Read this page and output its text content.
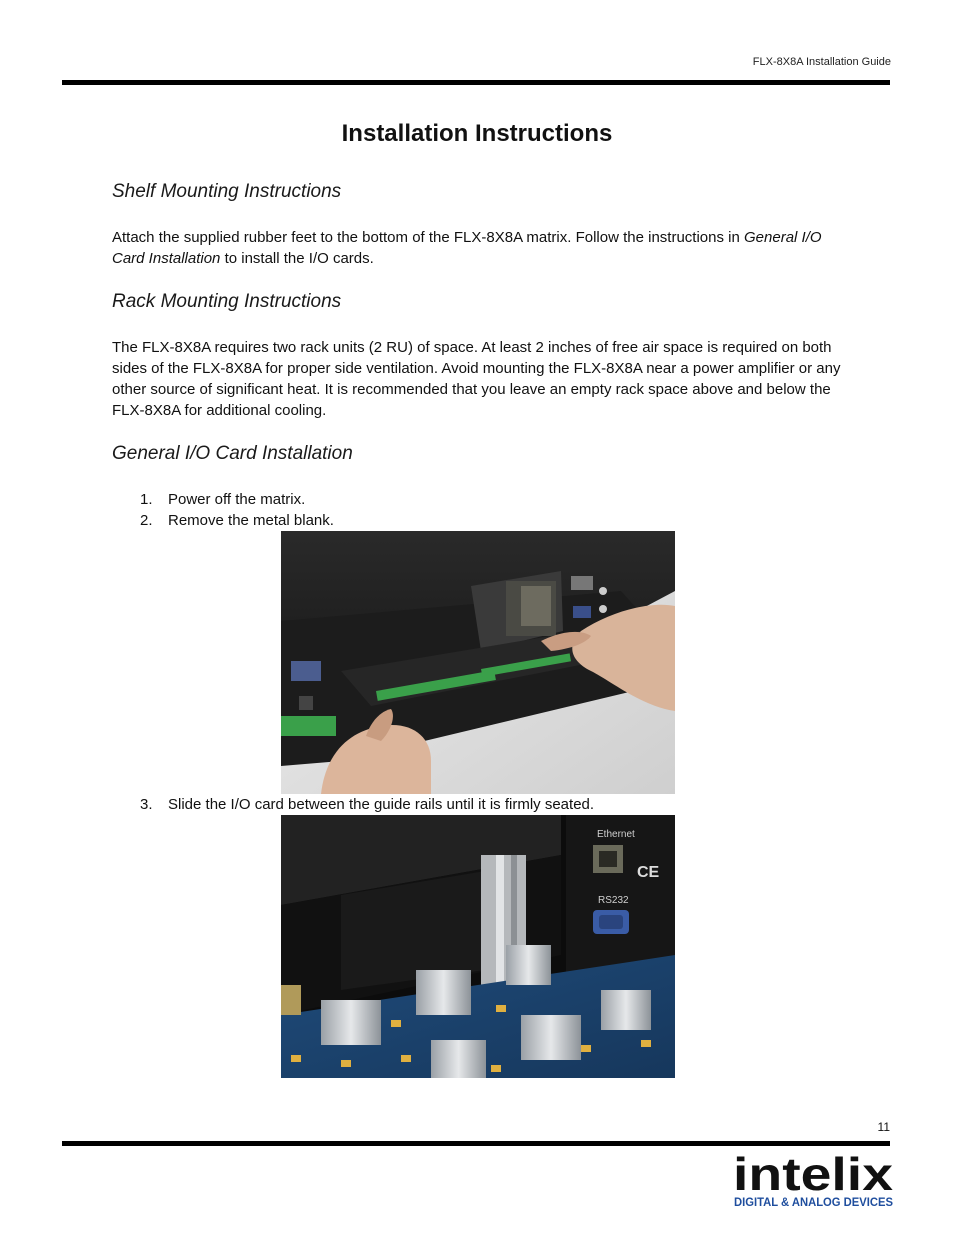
FLX-8X8A Installation Guide
Installation Instructions
Shelf Mounting Instructions
Attach the supplied rubber feet to the bottom of the FLX-8X8A matrix. Follow the instructions in General I/O Card Installation to install the I/O cards.
Rack Mounting Instructions
The FLX-8X8A requires two rack units (2 RU) of space. At least 2 inches of free air space is required on both sides of the FLX-8X8A for proper side ventilation. Avoid mounting the FLX-8X8A near a power amplifier or any other source of significant heat. It is recommended that you leave an empty rack space above and below the FLX-8X8A for additional cooling.
General I/O Card Installation
1. Power off the matrix.
2. Remove the metal blank.
3. Slide the I/O card between the guide rails until it is firmly seated.
Ethernet
CE
RS232
11
intelix
DIGITAL & ANALOG DEVICES
